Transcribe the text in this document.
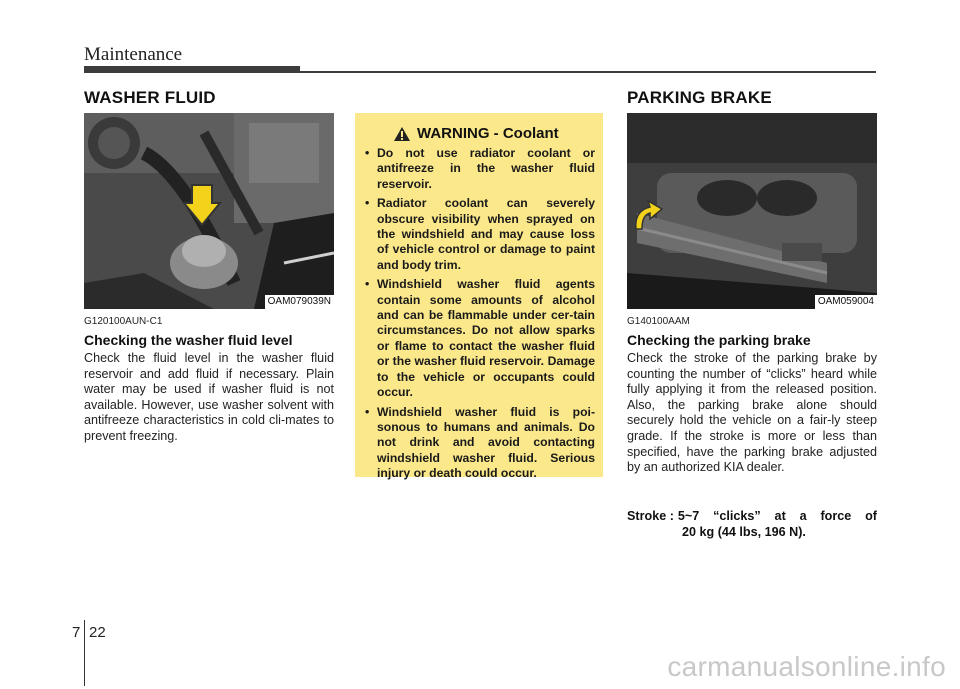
Maintenance
WASHER FLUID
OAM079039N
G120100AUN-C1
Checking the washer fluid level

Check the fluid level in the washer fluid reservoir and add fluid if necessary. Plain water may be used if washer fluid is not available. However, use washer solvent with antifreeze characteristics in cold cli-mates to prevent freezing.

WARNING - Coolant
• Do not use radiator coolant or antifreeze in the washer fluid reservoir.
• Radiator coolant can severely obscure visibility when sprayed on the windshield and may cause loss of vehicle control or damage to paint and body trim.
• Windshield washer fluid agents contain some amounts of alcohol and can be flammable under cer-tain circumstances. Do not allow sparks or flame to contact the washer fluid or the washer fluid reservoir. Damage to the vehicle or occupants could occur.
• Windshield washer fluid is poi-sonous to humans and animals. Do not drink and avoid contacting windshield washer fluid. Serious injury or death could occur.
PARKING BRAKE
OAM059004
G140100AAM
Checking the parking brake

Check the stroke of the parking brake by counting the number of “clicks” heard while fully applying it from the released position. Also, the parking brake alone should securely hold the vehicle on a fair-ly steep grade. If the stroke is more or less than specified, have the parking brake adjusted by an authorized KIA dealer.

Stroke : 5~7 “clicks” at a force of
20 kg (44 lbs, 196 N).
7 22
carmanualsonline.info
